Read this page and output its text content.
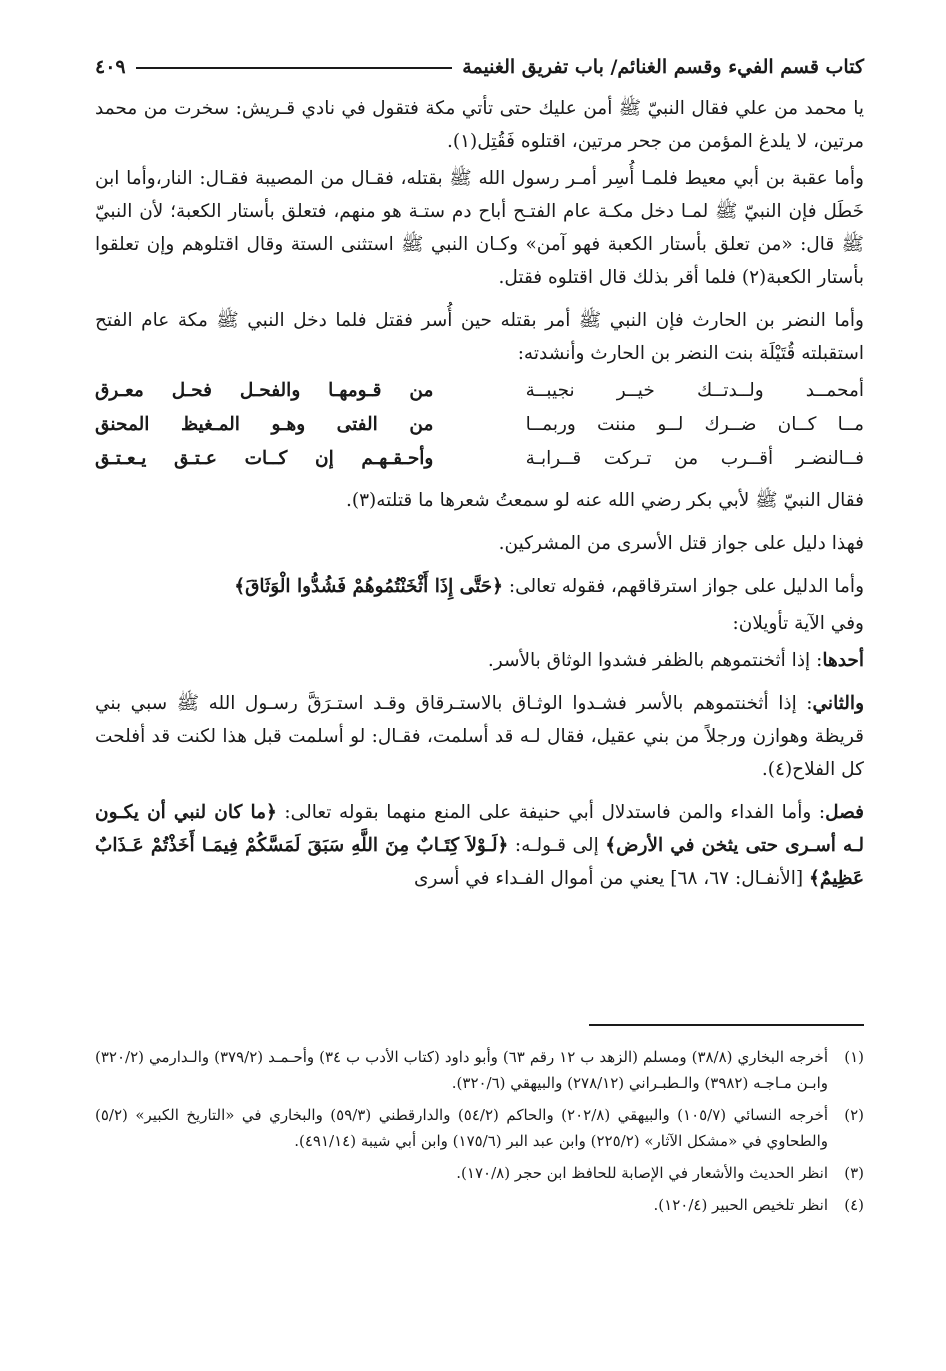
كتاب قسم الفيء وقسم الغنائم/ باب تفريق الغنيمة
٤٠٩

يا محمد من علي فقال النبيّ ﷺ أمن عليك حتى تأتي مكة فتقول في نادي قـريش: سخرت من محمد مرتين، لا يلدغ المؤمن من جحر مرتين، اقتلوه فَقُتِل(١).

وأما عقبة بن أبي معيط فلمـا أُسِر أمـر رسول الله ﷺ بقتله، فقـال من المصيبة فقـال: النار،وأما ابن خَطَل فإن النبيّ ﷺ لمـا دخل مكـة عام الفتـح أباح دم ستـة هو منهم، فتعلق بأستار الكعبة؛ لأن النبيّ ﷺ قال: «من تعلق بأستار الكعبة فهو آمن» وكـان النبي ﷺ استثنى الستة وقال اقتلوهم وإن تعلقوا بأستار الكعبة(٢) فلما أقر بذلك قال اقتلوه فقتل.

وأما النضر بن الحارث فإن النبي ﷺ أمر بقتله حين أُسر فقتل فلما دخل النبي ﷺ مكة عام الفتح استقبلته قُتَيْلَة بنت النضر بن الحارث وأنشدته:

أمحمــد ولــدتــك خيــر نجيبــة
من قـومهـا والفحـل فحـل معـرق
مــا كــان ضــرك لــو مننت وربمــا
من الفتى وهـو المـغيظ المحنق
فــالنضـر أقــرب من تـركت قــرابـة
وأحـقـهـم إن كــات عـتـق يـعـتـق

فقال النبيّ ﷺ لأبي بكر رضي الله عنه لو سمعتُ شعرها ما قتلته(٣).

فهذا دليل على جواز قتل الأسرى من المشركين.

وأما الدليل على جواز استرقاقهم، فقوله تعالى: ﴿حَتَّى إِذَا أَثْخَنْتُمُوهُمْ فَشُدُّوا الْوَثَاقَ﴾

وفي الآية تأويلان:

أحدها: إذا أثخنتموهم بالظفر فشدوا الوثاق بالأسر.

والثاني: إذا أثخنتموهم بالأسر فشـدوا الوثـاق بالاستـرقاق وقـد استـرَقَّ رسـول الله ﷺ سبي بني قريظة وهوازن ورجلاً من بني عقيل، فقال لـه قد أسلمت، فقـال: لو أسلمت قبل هذا لكنت قد أفلحت كل الفلاح(٤).

فصل: وأما الفداء والمن فاستدلال أبي حنيفة على المنع منهما بقوله تعالى: ﴿ما كان لنبي أن يكـون لـه أسـرى حتى يثخن في الأرض﴾ إلى قـولـه: ﴿لَـوْلاَ كِتَـابٌ مِنَ اللَّهِ سَبَقَ لَمَسَّكُمْ فِيمَـا أَخَذْتُمْ عَـذَابٌ عَظِيمٌ﴾ [الأنفـال: ٦٧، ٦٨] يعني من أموال الفـداء في أسرى

(١)
أخرجه البخاري (٣٨/٨) ومسلم (الزهد ب ١٢ رقم ٦٣) وأبو داود (كتاب الأدب ب ٣٤) وأحـمـد (٣٧٩/٢) والـدارمي (٣٢٠/٢) وابـن مـاجـه (٣٩٨٢) والـطبـراني (٢٧٨/١٢) والبيهقي (٣٢٠/٦).
(٢)
أخرجه النسائي (١٠٥/٧) والبيهقي (٢٠٢/٨) والحاكم (٥٤/٢) والدارقطني (٥٩/٣) والبخاري في «التاريخ الكبير» (٥/٢) والطحاوي في «مشكل الآثار» (٢٢٥/٢) وابن عبد البر (١٧٥/٦) وابن أبي شيبة (٤٩١/١٤).
(٣)
انظر الحديث والأشعار في الإصابة للحافظ ابن حجر (١٧٠/٨).
(٤)
انظر تلخيص الحبير (١٢٠/٤).
